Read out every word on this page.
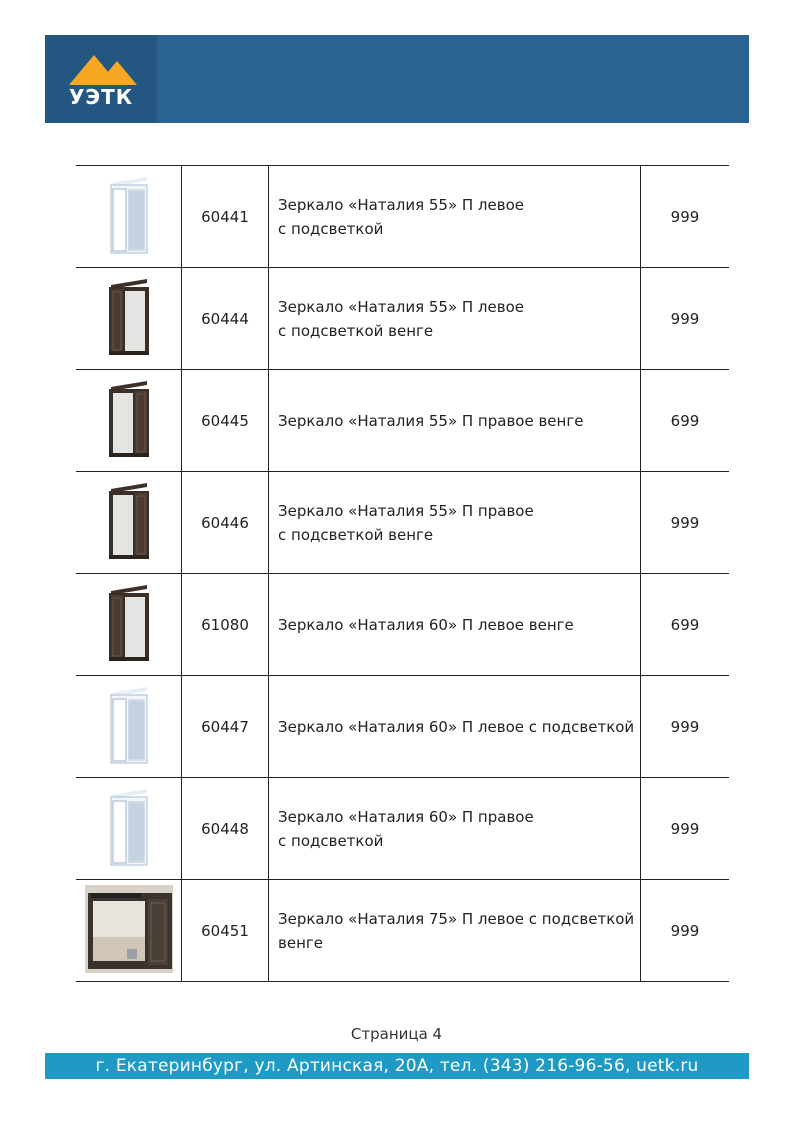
УЭТК
	60441	Зеркало «Наталия 55» П левое
с подсветкой	999
	60444	Зеркало «Наталия 55» П левое
с подсветкой венге	999
	60445	Зеркало «Наталия 55» П правое венге	699
	60446	Зеркало «Наталия 55» П правое
с подсветкой венге	999
	61080	Зеркало «Наталия 60» П левое венге	699
	60447	Зеркало «Наталия 60» П левое с подсветкой	999
	60448	Зеркало «Наталия 60» П правое
с подсветкой	999
	60451	Зеркало «Наталия 75» П левое с подсветкой
венге	999
Страница 4
г. Екатеринбург, ул. Артинская, 20А, тел. (343) 216-96-56, uetk.ru
